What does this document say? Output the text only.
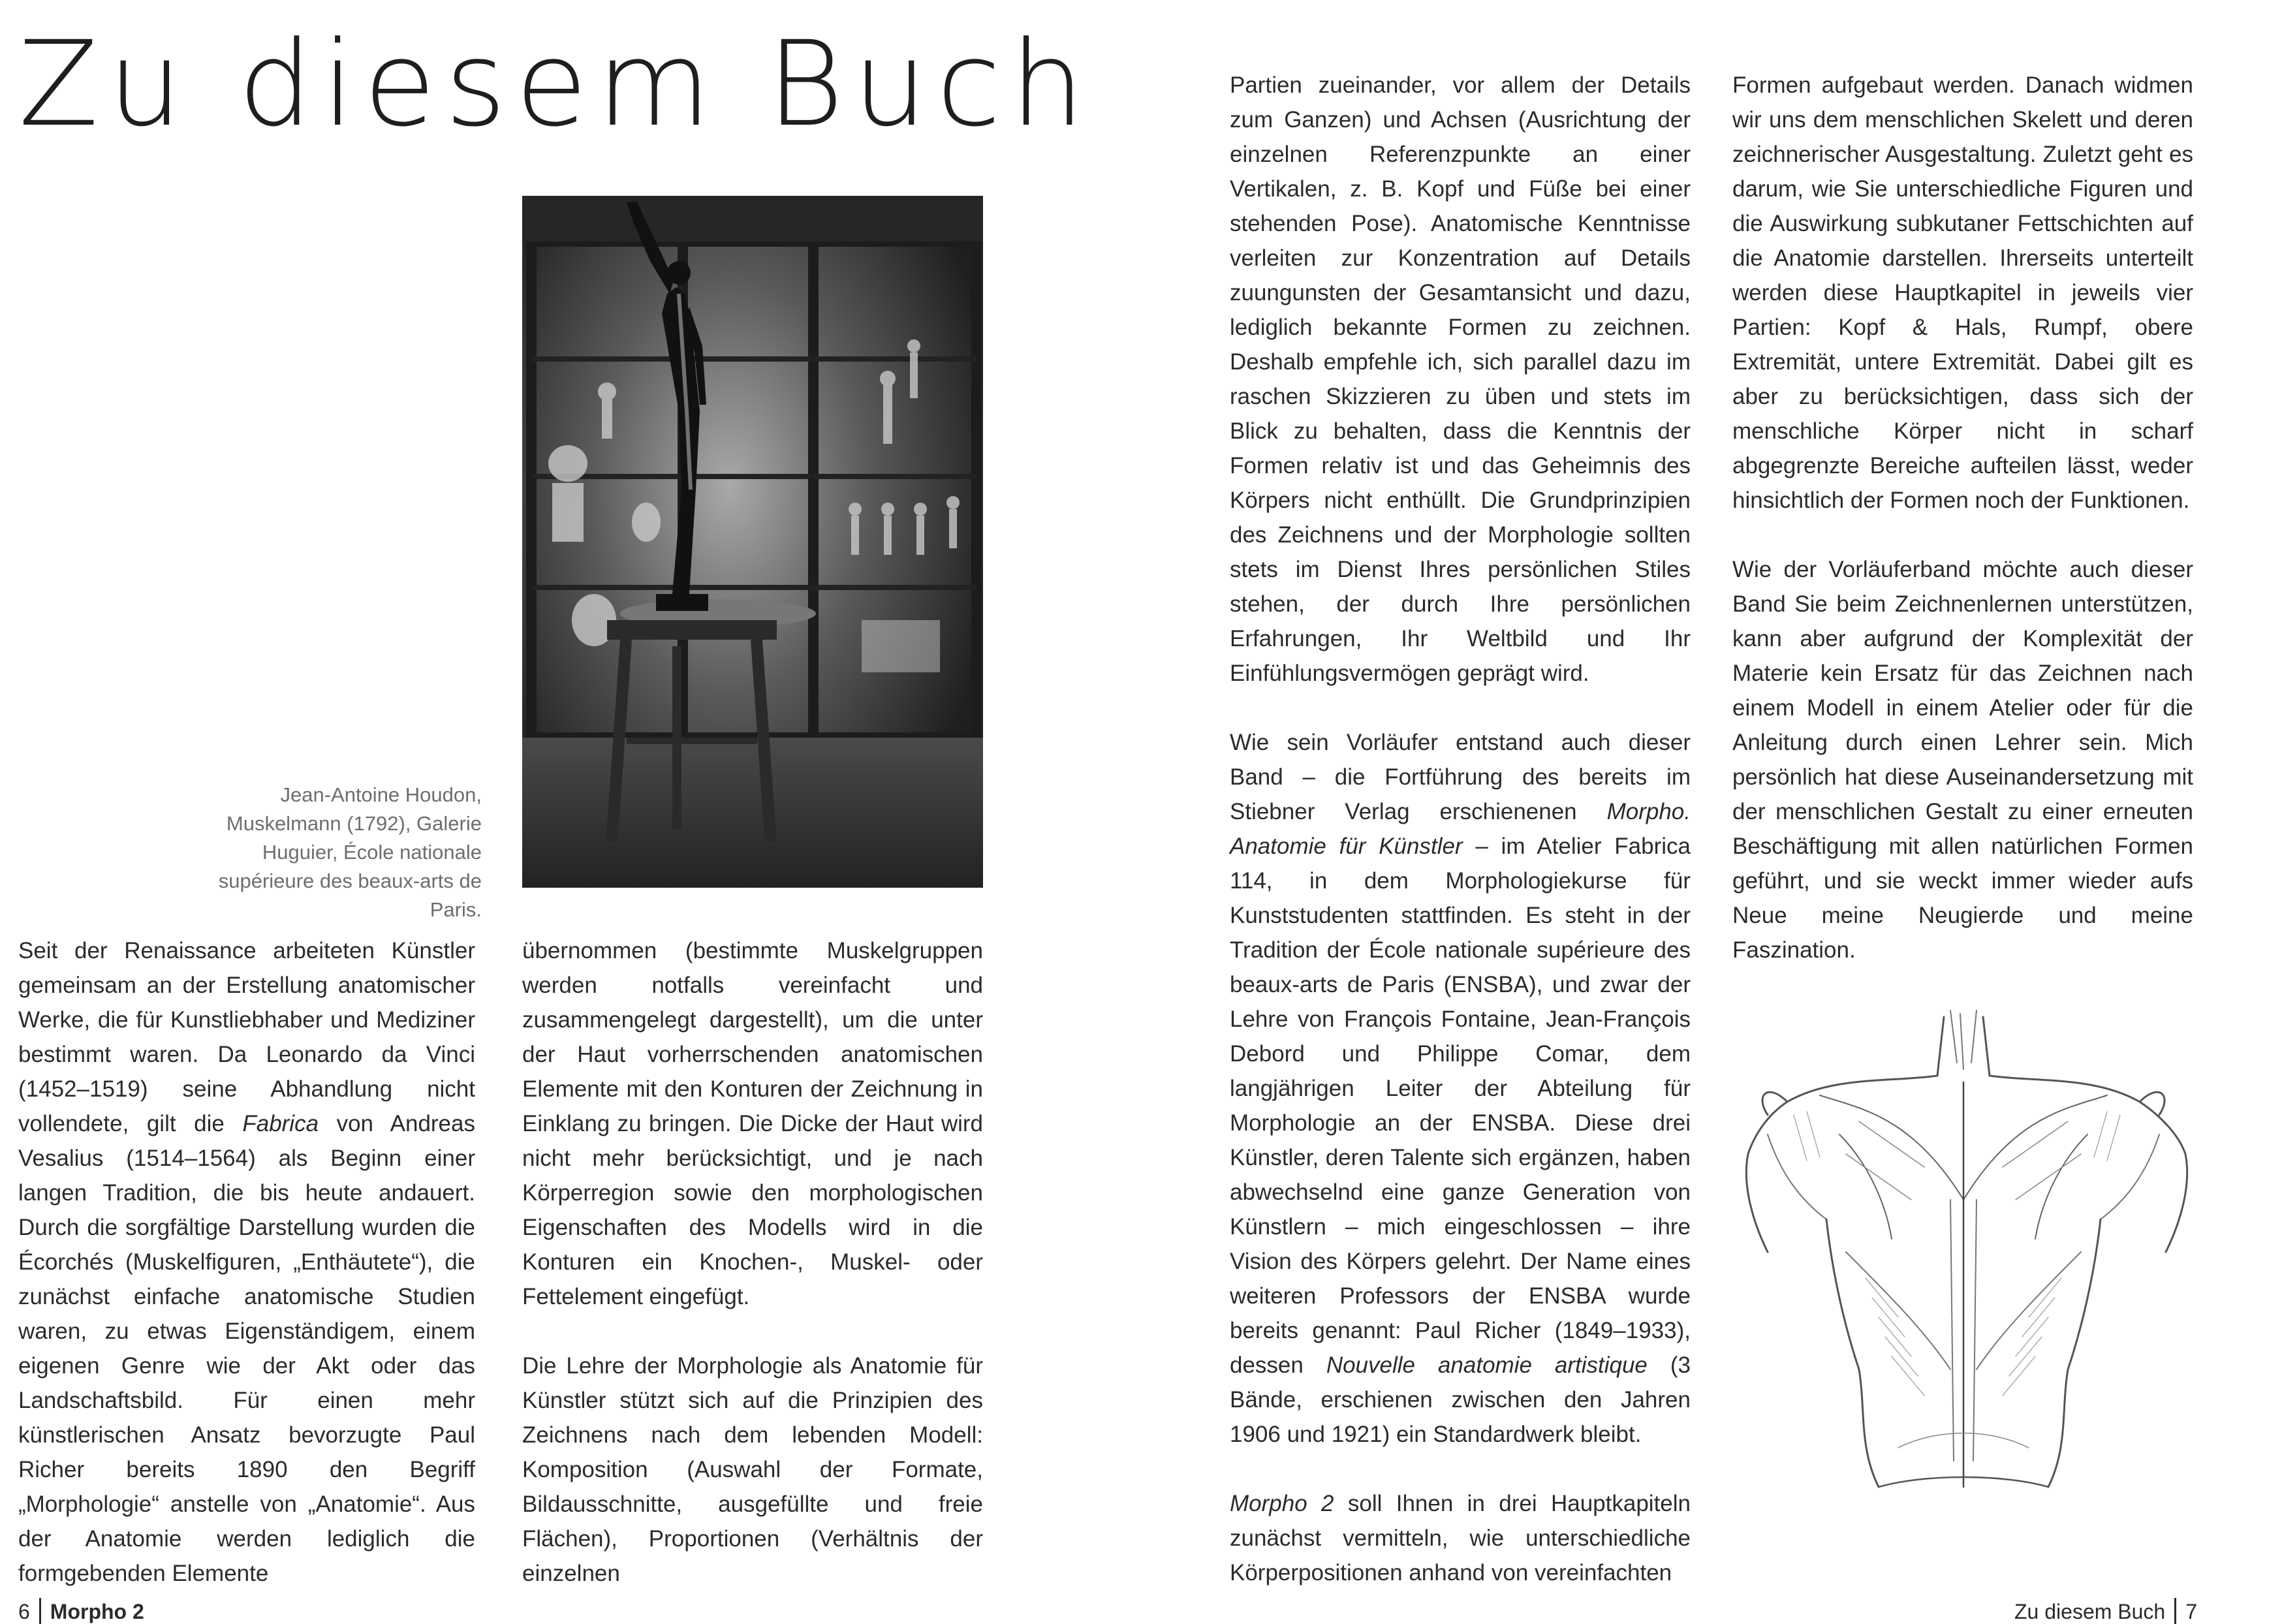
Zu diesem Buch
Jean-Antoine Houdon, Muskelmann (1792), Galerie Huguier, École nationale supérieure des beaux-arts de Paris.

Seit der Renaissance arbeiteten Künstler gemeinsam an der Erstellung anatomischer Werke, die für Kunstliebhaber und Mediziner bestimmt waren. Da Leonardo da Vinci (1452–1519) seine Abhandlung nicht vollendete, gilt die Fabrica von Andreas Vesalius (1514–1564) als Beginn einer langen Tradition, die bis heute andauert. Durch die sorgfältige Darstellung wurden die Écorchés (Muskelfiguren, „Enthäutete“), die zunächst einfache anatomische Studien waren, zu etwas Eigenständigem, einem eigenen Genre wie der Akt oder das Landschaftsbild. Für einen mehr künstlerischen Ansatz bevorzugte Paul Richer bereits 1890 den Begriff „Morphologie“ anstelle von „Anatomie“. Aus der Anatomie werden lediglich die formgebenden Elemente

übernommen (bestimmte Muskelgruppen werden notfalls vereinfacht und zusammengelegt dargestellt), um die unter der Haut vorherrschenden anatomischen Elemente mit den Konturen der Zeichnung in Einklang zu bringen. Die Dicke der Haut wird nicht mehr berücksichtigt, und je nach Körperregion sowie den morphologischen Eigenschaften des Modells wird in die Konturen ein Knochen-, Muskel- oder Fettelement eingefügt.

Die Lehre der Morphologie als Anatomie für Künstler stützt sich auf die Prinzipien des Zeichnens nach dem lebenden Modell: Komposition (Auswahl der Formate, Bildausschnitte, ausgefüllte und freie Flächen), Proportionen (Verhältnis der einzelnen

6 Morpho 2

Partien zueinander, vor allem der Details zum Ganzen) und Achsen (Ausrichtung der einzelnen Referenzpunkte an einer Vertikalen, z. B. Kopf und Füße bei einer stehenden Pose). Anatomische Kenntnisse verleiten zur Konzentration auf Details zuungunsten der Gesamtansicht und dazu, lediglich bekannte Formen zu zeichnen. Deshalb empfehle ich, sich parallel dazu im raschen Skizzieren zu üben und stets im Blick zu behalten, dass die Kenntnis der Formen relativ ist und das Geheimnis des Körpers nicht enthüllt. Die Grundprinzipien des Zeichnens und der Morphologie sollten stets im Dienst Ihres persönlichen Stiles stehen, der durch Ihre persönlichen Erfahrungen, Ihr Weltbild und Ihr Einfühlungsvermögen geprägt wird.

Wie sein Vorläufer entstand auch dieser Band – die Fortführung des bereits im Stiebner Verlag erschienenen Morpho. Anatomie für Künstler – im Atelier Fabrica 114, in dem Morphologiekurse für Kunststudenten stattfinden. Es steht in der Tradition der École nationale supérieure des beaux-arts de Paris (ENSBA), und zwar der Lehre von François Fontaine, Jean-François Debord und Philippe Comar, dem langjährigen Leiter der Abteilung für Morphologie an der ENSBA. Diese drei Künstler, deren Talente sich ergänzen, haben abwechselnd eine ganze Generation von Künstlern – mich eingeschlossen – ihre Vision des Körpers gelehrt. Der Name eines weiteren Professors der ENSBA wurde bereits genannt: Paul Richer (1849–1933), dessen Nouvelle anatomie artistique (3 Bände, erschienen zwischen den Jahren 1906 und 1921) ein Standardwerk bleibt.

Morpho 2 soll Ihnen in drei Hauptkapiteln zunächst vermitteln, wie unterschiedliche Körperpositionen anhand von vereinfachten

Formen aufgebaut werden. Danach widmen wir uns dem menschlichen Skelett und deren zeichnerischer Ausgestaltung. Zuletzt geht es darum, wie Sie unterschiedliche Figuren und die Auswirkung subkutaner Fettschichten auf die Anatomie darstellen. Ihrerseits unterteilt werden diese Hauptkapitel in jeweils vier Partien: Kopf & Hals, Rumpf, obere Extremität, untere Extremität. Dabei gilt es aber zu berücksichtigen, dass sich der menschliche Körper nicht in scharf abgegrenzte Bereiche aufteilen lässt, weder hinsichtlich der Formen noch der Funktionen.

Wie der Vorläuferband möchte auch dieser Band Sie beim Zeichnenlernen unterstützen, kann aber aufgrund der Komplexität der Materie kein Ersatz für das Zeichnen nach einem Modell in einem Atelier oder für die Anleitung durch einen Lehrer sein. Mich persönlich hat diese Auseinandersetzung mit der menschlichen Gestalt zu einer erneuten Beschäftigung mit allen natürlichen Formen geführt, und sie weckt immer wieder aufs Neue meine Neugierde und meine Faszination.

Zu diesem Buch 7
